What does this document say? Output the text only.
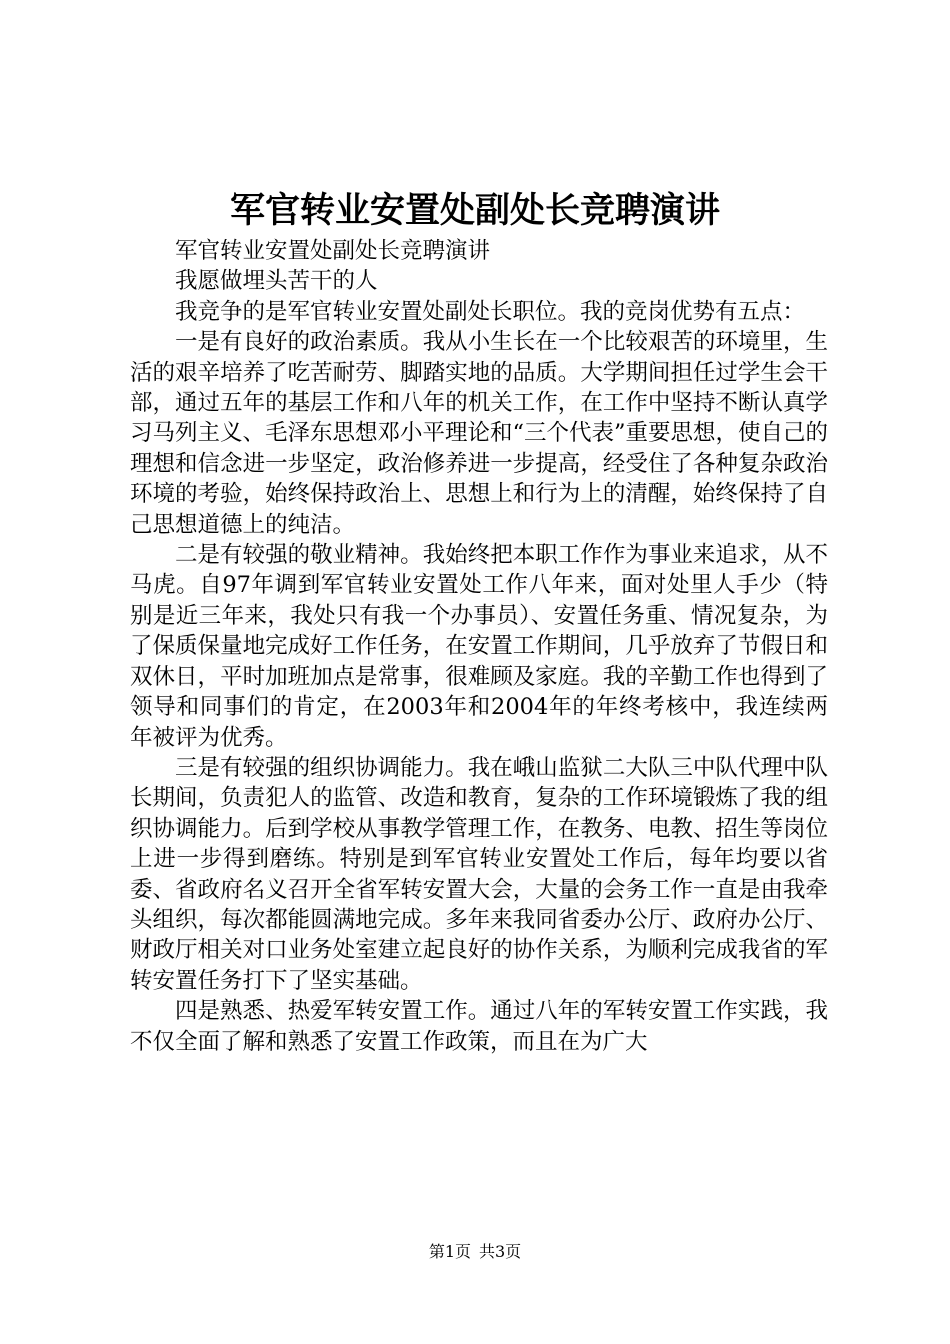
军官转业安置处副处长竞聘演讲

军官转业安置处副处长竞聘演讲

我愿做埋头苦干的人

我竞争的是军官转业安置处副处长职位。我的竞岗优势有五点：

一是有良好的政治素质。我从小生长在一个比较艰苦的环境里，生活的艰辛培养了吃苦耐劳、脚踏实地的品质。大学期间担任过学生会干部，通过五年的基层工作和八年的机关工作，在工作中坚持不断认真学习马列主义、毛泽东思想邓小平理论和“三个代表”重要思想，使自己的理想和信念进一步坚定，政治修养进一步提高，经受住了各种复杂政治环境的考验，始终保持政治上、思想上和行为上的清醒，始终保持了自己思想道德上的纯洁。

二是有较强的敬业精神。我始终把本职工作作为事业来追求，从不马虎。自97年调到军官转业安置处工作八年来，面对处里人手少（特别是近三年来，我处只有我一个办事员）、安置任务重、情况复杂，为了保质保量地完成好工作任务，在安置工作期间，几乎放弃了节假日和双休日，平时加班加点是常事，很难顾及家庭。我的辛勤工作也得到了领导和同事们的肯定，在2003年和2004年的年终考核中，我连续两年被评为优秀。

三是有较强的组织协调能力。我在峨山监狱二大队三中队代理中队长期间，负责犯人的监管、改造和教育，复杂的工作环境锻炼了我的组织协调能力。后到学校从事教学管理工作，在教务、电教、招生等岗位上进一步得到磨练。特别是到军官转业安置处工作后，每年均要以省委、省政府名义召开全省军转安置大会，大量的会务工作一直是由我牵头组织，每次都能圆满地完成。多年来我同省委办公厅、政府办公厅、财政厅相关对口业务处室建立起良好的协作关系，为顺利完成我省的军转安置任务打下了坚实基础。

四是熟悉、热爱军转安置工作。通过八年的军转安置工作实践，我不仅全面了解和熟悉了安置工作政策，而且在为广大

第1页 共3页
